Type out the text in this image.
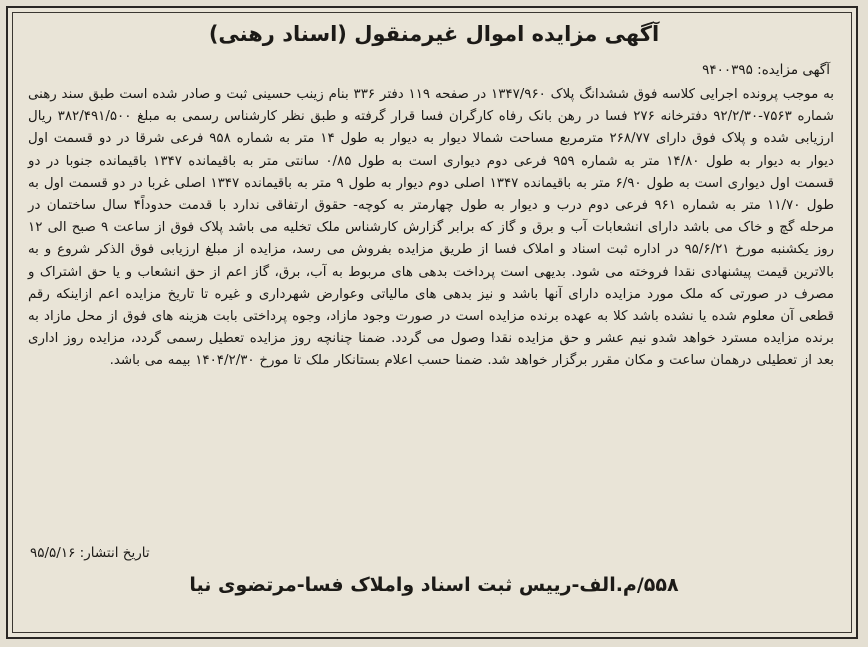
آگهی مزایده اموال غیرمنقول (اسناد رهنی)
آگهی مزایده: ۹۴۰۰۳۹۵
به موجب پرونده اجرایی کلاسه فوق ششدانگ پلاک ۱۳۴۷/۹۶۰ در صفحه ۱۱۹ دفتر ۳۳۶ بنام زینب حسینی ثبت و صادر شده است طبق سند رهنی شماره ۷۵۶۳-۹۲/۲/۳۰ دفترخانه ۲۷۶ فسا در رهن بانک رفاه کارگران فسا قرار گرفته و طبق نظر کارشناس رسمی به مبلغ ۳۸۲/۴۹۱/۵۰۰ ریال ارزیابی شده و پلاک فوق دارای ۲۶۸/۷۷ مترمربع مساحت شمالا دیوار به دیوار به طول ۱۴ متر به شماره ۹۵۸ فرعی شرقا در دو قسمت اول دیوار به دیوار به طول ۱۴/۸۰ متر به شماره ۹۵۹ فرعی دوم دیواری است به طول ۰/۸۵ سانتی متر به باقیمانده ۱۳۴۷ باقیمانده جنوبا در دو قسمت اول دیواری است به طول ۶/۹۰ متر به باقیمانده ۱۳۴۷ اصلی دوم دیوار به طول ۹ متر به باقیمانده ۱۳۴۷ اصلی غربا در دو قسمت اول به طول ۱۱/۷۰ متر به شماره ۹۶۱ فرعی دوم درب و دیوار به طول چهارمتر به کوچه- حقوق ارتفاقی ندارد با قدمت حدوداً۴ سال ساختمان در مرحله گچ و خاک می باشد دارای انشعابات آب و برق و گاز که برابر گزارش کارشناس ملک تخلیه می باشد پلاک فوق از ساعت ۹ صبح الی ۱۲ روز یکشنبه مورخ ۹۵/۶/۲۱ در اداره ثبت اسناد و املاک فسا از طریق مزایده بفروش می رسد، مزایده از مبلغ ارزیابی فوق الذکر شروع و به بالاترین قیمت پیشنهادی نقدا فروخته می شود. بدیهی است پرداخت بدهی های مربوط به آب، برق، گاز اعم از حق انشعاب و یا حق اشتراک و مصرف در صورتی که ملک مورد مزایده دارای آنها باشد و نیز بدهی های مالیاتی وعوارض شهرداری و غیره تا تاریخ مزایده اعم ازاینکه رقم قطعی آن معلوم شده یا نشده باشد کلا به عهده برنده مزایده است در صورت وجود مازاد، وجوه پرداختی بابت هزینه های فوق از محل مازاد به برنده مزایده مسترد خواهد شدو نیم عشر و حق مزایده نقدا وصول می گردد. ضمنا چنانچه روز مزایده تعطیل رسمی گردد، مزایده روز اداری بعد از تعطیلی درهمان ساعت و مکان مقرر برگزار خواهد شد. ضمنا حسب اعلام بستانکار ملک تا مورخ ۱۴۰۴/۲/۳۰ بیمه می باشد.
تاریخ انتشار: ۹۵/۵/۱۶
۵۵۸/م.الف-رییس ثبت اسناد واملاک فسا-مرتضوی نیا
